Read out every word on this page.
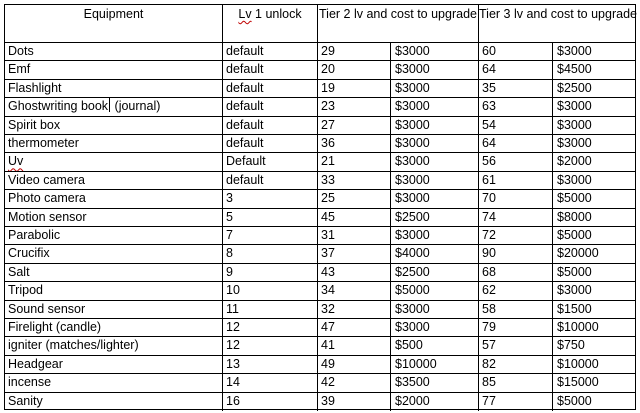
Equipment	Lv 1 unlock	Tier 2 lv and cost to upgrade Tier 3 lv and cost to upgrade
Dots	default	29	$3000	60	$3000
Emf	default	20	$3000	64	$4500
Flashlight	default	19	$3000	35	$2500
Ghostwriting book (journal)	default	23	$3000	63	$3000
Spirit box	default	27	$3000	54	$3000
thermometer	default	36	$3000	64	$3000
Uv	Default	21	$3000	56	$2000
Video camera	default	33	$3000	61	$3000
Photo camera	3	25	$3000	70	$5000
Motion sensor	5	45	$2500	74	$8000
Parabolic	7	31	$3000	72	$5000
Crucifix	8	37	$4000	90	$20000
Salt	9	43	$2500	68	$5000
Tripod	10	34	$5000	62	$3000
Sound sensor	11	32	$3000	58	$1500
Firelight (candle)	12	47	$3000	79	$10000
igniter (matches/lighter)	12	41	$500	57	$750
Headgear	13	49	$10000	82	$10000
incense	14	42	$3500	85	$15000
Sanity	16	39	$2000	77	$5000
